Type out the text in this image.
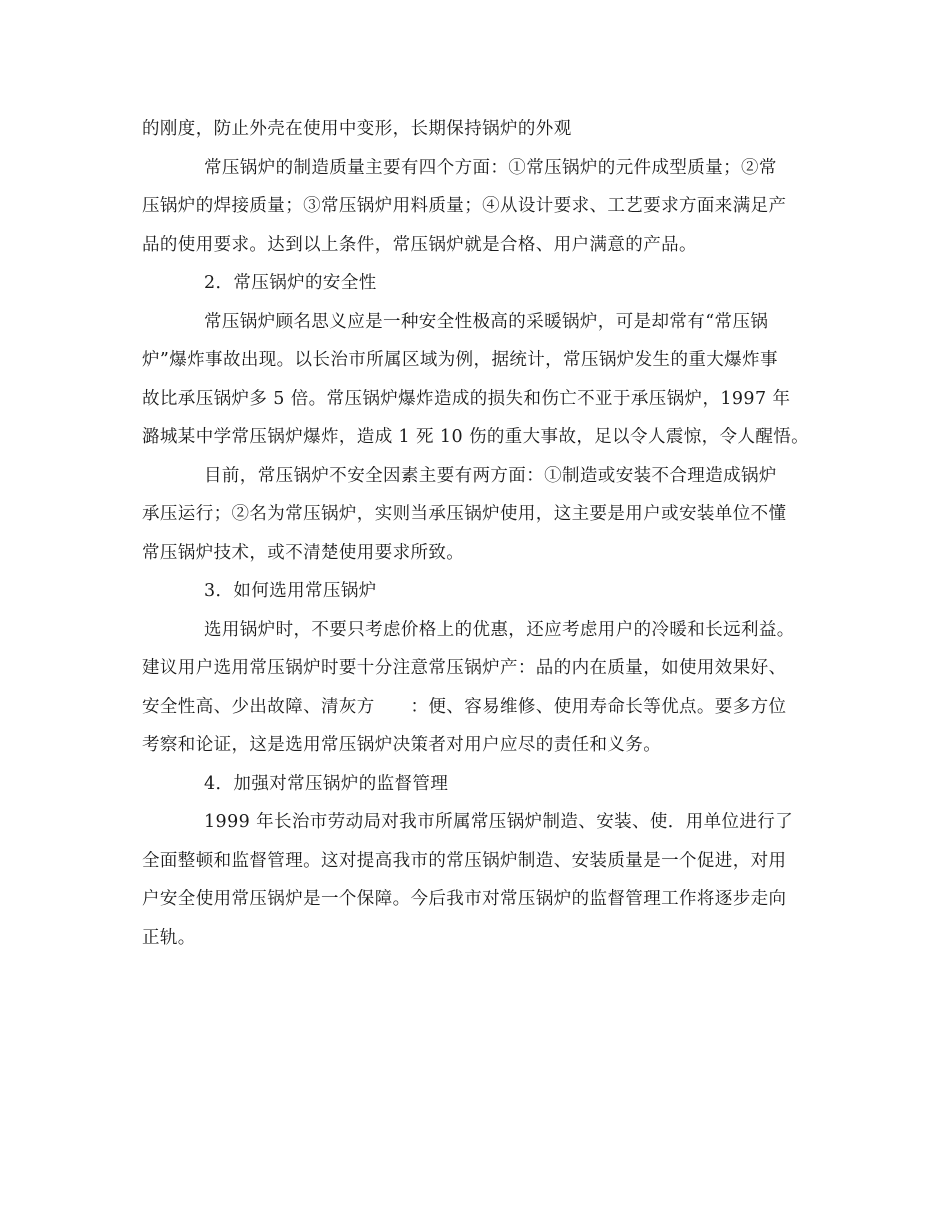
的刚度，防止外壳在使用中变形，长期保持锅炉的外观
常压锅炉的制造质量主要有四个方面：①常压锅炉的元件成型质量；②常
压锅炉的焊接质量；③常压锅炉用料质量；④从设计要求、工艺要求方面来满足产
品的使用要求。达到以上条件，常压锅炉就是合格、用户满意的产品。
2．常压锅炉的安全性
常压锅炉顾名思义应是一种安全性极高的采暖锅炉，可是却常有“常压锅
炉”爆炸事故出现。以长治市所属区域为例，据统计，常压锅炉发生的重大爆炸事
故比承压锅炉多 5 倍。常压锅炉爆炸造成的损失和伤亡不亚于承压锅炉，1997 年
潞城某中学常压锅炉爆炸，造成 1 死 10 伤的重大事故，足以令人震惊，令人醒悟。
目前，常压锅炉不安全因素主要有两方面：①制造或安装不合理造成锅炉
承压运行；②名为常压锅炉，实则当承压锅炉使用，这主要是用户或安装单位不懂
常压锅炉技术，或不清楚使用要求所致。
3．如何选用常压锅炉
选用锅炉时，不要只考虑价格上的优惠，还应考虑用户的冷暖和长远利益。
建议用户选用常压锅炉时要十分注意常压锅炉产：品的内在质量，如使用效果好、
安全性高、少出故障、清灰方　　：便、容易维修、使用寿命长等优点。要多方位
考察和论证，这是选用常压锅炉决策者对用户应尽的责任和义务。
4．加强对常压锅炉的监督管理
1999 年长治市劳动局对我市所属常压锅炉制造、安装、使．用单位进行了
全面整顿和监督管理。这对提高我市的常压锅炉制造、安装质量是一个促进，对用
户安全使用常压锅炉是一个保障。今后我市对常压锅炉的监督管理工作将逐步走向
正轨。
